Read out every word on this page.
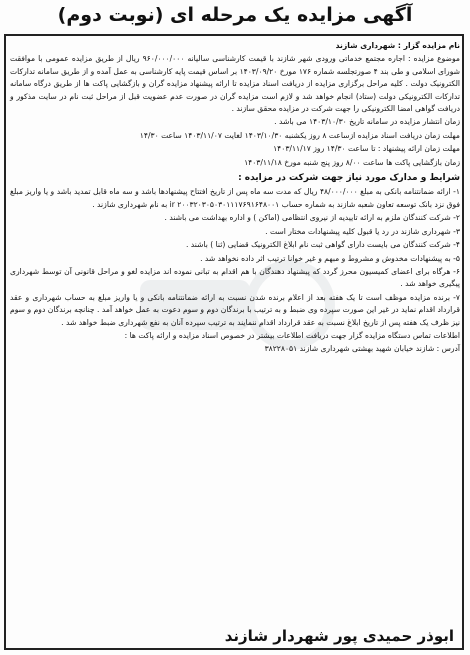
آگهی مزایده یک مرحله ای (نوبت دوم)

نام مزایده گزار : شهرداری شازند

موضوع مزایده : اجاره مجتمع خدماتی ورودی شهر شازند با قیمت کارشناسی سالیانه ۹۶۰/۰۰۰/۰۰۰ ریال از طریق مزایده عمومی با موافقت شورای اسلامی و طی بند ۴ صورتجلسه شماره ۱۷۶ مورخ ۱۴۰۳/۰۹/۲۰ بر اساس قیمت پایه کارشناسی به عمل آمده و از طریق سامانه تدارکات الکترونیک دولت . کلیه مراحل برگزاری مزایده از دریافت اسناد مزایده تا ارائه پیشنهاد مزایده گران و بازگشایی پاکت ها از طریق درگاه سامانه تدارکات الکترونیکی دولت (ستاد) انجام خواهد شد و لازم است مزایده گران در صورت عدم عضویت قبل از مراحل ثبت نام در سایت مذکور و دریافت گواهی امضا الکترونیکی را جهت شرکت در مزایده محقق سازند .

زمان انتشار مزایده در سامانه تاریخ ۱۴۰۳/۱۰/۳۰ می باشد .

مهلت زمان دریافت اسناد مزایده ازساعت ۸ روز یکشنبه ۱۴۰۳/۱۰/۳۰ لغایت ۱۴۰۳/۱۱/۰۷ ساعت ۱۴/۳۰

مهلت زمان ارائه پیشنهاد : تا ساعت ۱۴/۳۰ روز ۱۴۰۳/۱۱/۱۷

زمان بازگشایی پاکت ها ساعت ۸/۰۰ روز پنج شنبه مورخ ۱۴۰۳/۱۱/۱۸

شرایط و مدارک مورد نیاز جهت شرکت در مزایده :

۱- ارائه ضمانتنامه بانکی به مبلغ ۴۸/۰۰۰/۰۰۰ ریال که مدت سه ماه پس از تاریخ افتتاح پیشنهادها باشد و سه ماه قابل تمدید باشد و یا واریز مبلغ فوق نزد بانک توسعه تعاون شعبه شازند به شماره حساب ir ۲۰۰۳۲۰۳۰۵۰۳۰۱۱۱۷۶۹۱۶۴۸۰۰۱ به نام شهرداری شازند .

۲- شرکت کنندگان ملزم به ارائه تاییدیه از نیروی انتظامی (اماکن ) و اداره بهداشت می باشند .

۳- شهرداری شازند در رد یا قبول کلیه پیشنهادات مختار است .

۴- شرکت کنندگان می بایست دارای گواهی ثبت نام ابلاغ الکترونیک قضایی (ثنا ) باشند .

۵- به پیشنهادات مخدوش و مشروط و مبهم و غیر خوانا ترتیب اثر داده نخواهد شد .

۶- هرگاه برای اعضای کمیسیون محرز گردد که پیشنهاد دهندگان با هم اقدام به تبانی نموده اند مزایده لغو و مراحل قانونی آن توسط شهرداری پیگیری خواهد شد .

۷- برنده مزایده موظف است تا یک هفته بعد از اعلام برنده شدن نسبت به ارائه ضمانتنامه بانکی و یا واریز مبلغ به حساب شهرداری و عقد قرارداد اقدام نماید در غیر این صورت سپرده وی ضبط و به ترتیب با برندگان دوم و سوم دعوت به عمل خواهد آمد . چنانچه برندگان دوم و سوم نیز ظرف یک هفته پس از تاریخ ابلاغ نسبت به عقد قرارداد اقدام ننمایند به ترتیب سپرده آنان به نفع شهرداری ضبط خواهد شد .

اطلاعات تماس دستگاه مزایده گزار جهت دریافت اطلاعات بیشتر در خصوص اسناد مزایده و ارائه پاکت ها :

آدرس : شازند خیابان شهید بهشتی شهرداری شازند ۳۸۲۲۸۰۵۱

ابوذر حمیدی پور شهردار شازند
